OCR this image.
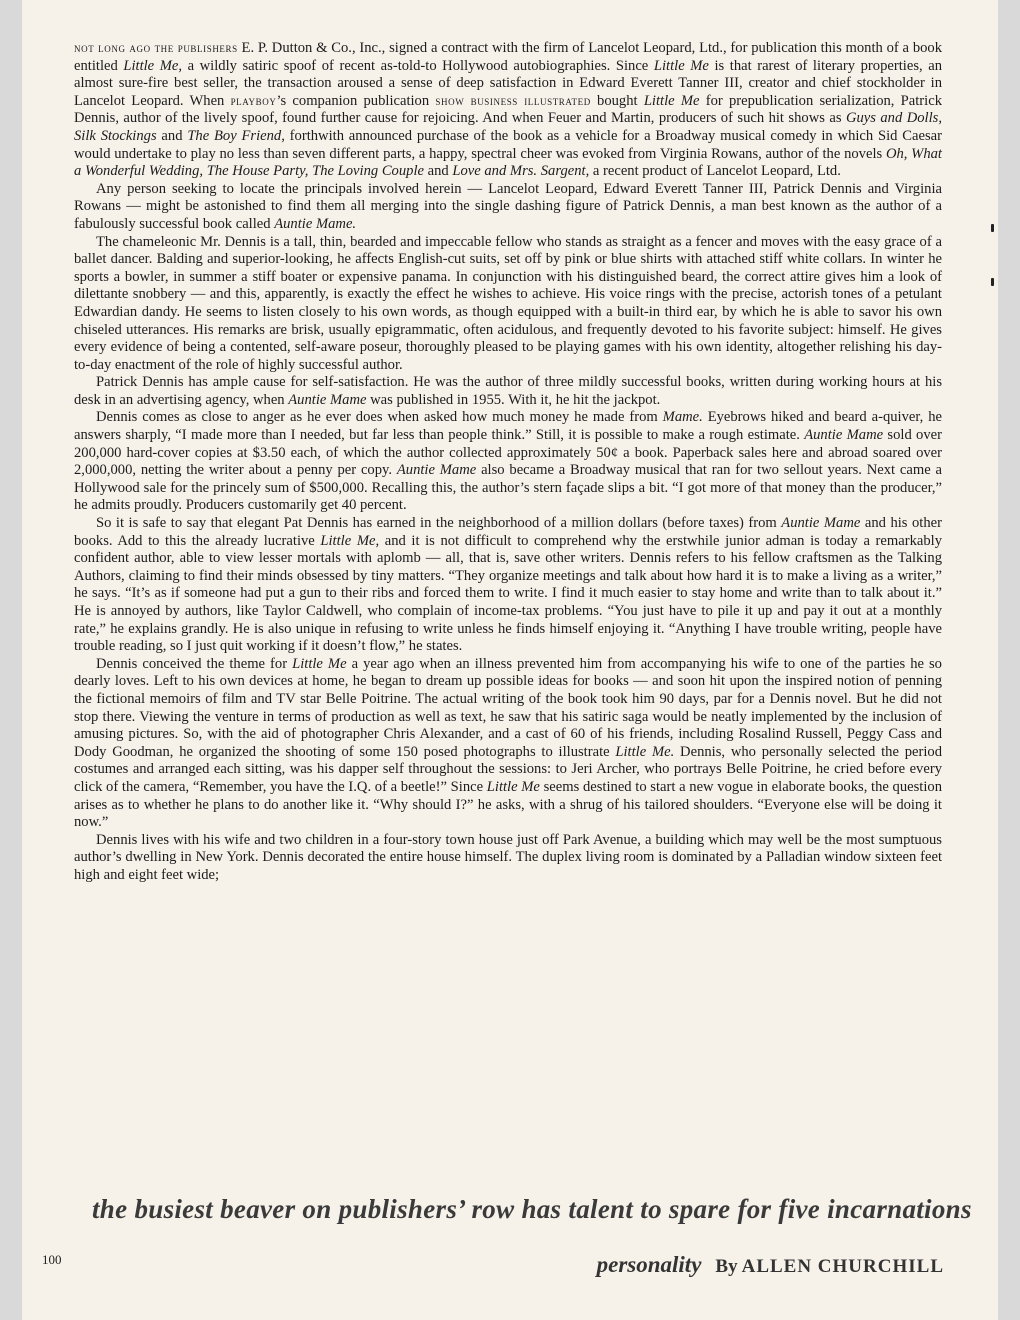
not long ago the publishers E. P. Dutton & Co., Inc., signed a contract with the firm of Lancelot Leopard, Ltd., for publication this month of a book entitled Little Me, a wildly satiric spoof of recent as-told-to Hollywood autobiographies. Since Little Me is that rarest of literary properties, an almost sure-fire best seller, the transaction aroused a sense of deep satisfaction in Edward Everett Tanner III, creator and chief stockholder in Lancelot Leopard. When playboy’s companion publication show business illustrated bought Little Me for prepublication serialization, Patrick Dennis, author of the lively spoof, found further cause for rejoicing. And when Feuer and Martin, producers of such hit shows as Guys and Dolls, Silk Stockings and The Boy Friend, forthwith announced purchase of the book as a vehicle for a Broadway musical comedy in which Sid Caesar would undertake to play no less than seven different parts, a happy, spectral cheer was evoked from Virginia Rowans, author of the novels Oh, What a Wonderful Wedding, The House Party, The Loving Couple and Love and Mrs. Sargent, a recent product of Lancelot Leopard, Ltd.

Any person seeking to locate the principals involved herein — Lancelot Leopard, Edward Everett Tanner III, Patrick Dennis and Virginia Rowans — might be astonished to find them all merging into the single dashing figure of Patrick Dennis, a man best known as the author of a fabulously successful book called Auntie Mame.

The chameleonic Mr. Dennis is a tall, thin, bearded and impeccable fellow who stands as straight as a fencer and moves with the easy grace of a ballet dancer. Balding and superior-looking, he affects English-cut suits, set off by pink or blue shirts with attached stiff white collars. In winter he sports a bowler, in summer a stiff boater or expensive panama. In conjunction with his distinguished beard, the correct attire gives him a look of dilettante snobbery — and this, apparently, is exactly the effect he wishes to achieve. His voice rings with the precise, actorish tones of a petulant Edwardian dandy. He seems to listen closely to his own words, as though equipped with a built-in third ear, by which he is able to savor his own chiseled utterances. His remarks are brisk, usually epigrammatic, often acidulous, and frequently devoted to his favorite subject: himself. He gives every evidence of being a contented, self-aware poseur, thoroughly pleased to be playing games with his own identity, altogether relishing his day-to-day enactment of the role of highly successful author.

Patrick Dennis has ample cause for self-satisfaction. He was the author of three mildly successful books, written during working hours at his desk in an advertising agency, when Auntie Mame was published in 1955. With it, he hit the jackpot.

Dennis comes as close to anger as he ever does when asked how much money he made from Mame. Eyebrows hiked and beard a-quiver, he answers sharply, “I made more than I needed, but far less than people think.” Still, it is possible to make a rough estimate. Auntie Mame sold over 200,000 hard-cover copies at $3.50 each, of which the author collected approximately 50¢ a book. Paperback sales here and abroad soared over 2,000,000, netting the writer about a penny per copy. Auntie Mame also became a Broadway musical that ran for two sellout years. Next came a Hollywood sale for the princely sum of $500,000. Recalling this, the author’s stern façade slips a bit. “I got more of that money than the producer,” he admits proudly. Producers customarily get 40 percent.

So it is safe to say that elegant Pat Dennis has earned in the neighborhood of a million dollars (before taxes) from Auntie Mame and his other books. Add to this the already lucrative Little Me, and it is not difficult to comprehend why the erstwhile junior adman is today a remarkably confident author, able to view lesser mortals with aplomb — all, that is, save other writers. Dennis refers to his fellow craftsmen as the Talking Authors, claiming to find their minds obsessed by tiny matters. “They organize meetings and talk about how hard it is to make a living as a writer,” he says. “It’s as if someone had put a gun to their ribs and forced them to write. I find it much easier to stay home and write than to talk about it.” He is annoyed by authors, like Taylor Caldwell, who complain of income-tax problems. “You just have to pile it up and pay it out at a monthly rate,” he explains grandly. He is also unique in refusing to write unless he finds himself enjoying it. “Anything I have trouble writing, people have trouble reading, so I just quit working if it doesn’t flow,” he states.

Dennis conceived the theme for Little Me a year ago when an illness prevented him from accompanying his wife to one of the parties he so dearly loves. Left to his own devices at home, he began to dream up possible ideas for books — and soon hit upon the inspired notion of penning the fictional memoirs of film and TV star Belle Poitrine. The actual writing of the book took him 90 days, par for a Dennis novel. But he did not stop there. Viewing the venture in terms of production as well as text, he saw that his satiric saga would be neatly implemented by the inclusion of amusing pictures. So, with the aid of photographer Chris Alexander, and a cast of 60 of his friends, including Rosalind Russell, Peggy Cass and Dody Goodman, he organized the shooting of some 150 posed photographs to illustrate Little Me. Dennis, who personally selected the period costumes and arranged each sitting, was his dapper self throughout the sessions: to Jeri Archer, who portrays Belle Poitrine, he cried before every click of the camera, “Remember, you have the I.Q. of a beetle!” Since Little Me seems destined to start a new vogue in elaborate books, the question arises as to whether he plans to do another like it. “Why should I?” he asks, with a shrug of his tailored shoulders. “Everyone else will be doing it now.”

Dennis lives with his wife and two children in a four-story town house just off Park Avenue, a building which may well be the most sumptuous author’s dwelling in New York. Dennis decorated the entire house himself. The duplex living room is dominated by a Palladian window sixteen feet high and eight feet wide;

the busiest beaver on publishers’ row has talent to spare for five incarnations
100	personality By ALLEN CHURCHILL
